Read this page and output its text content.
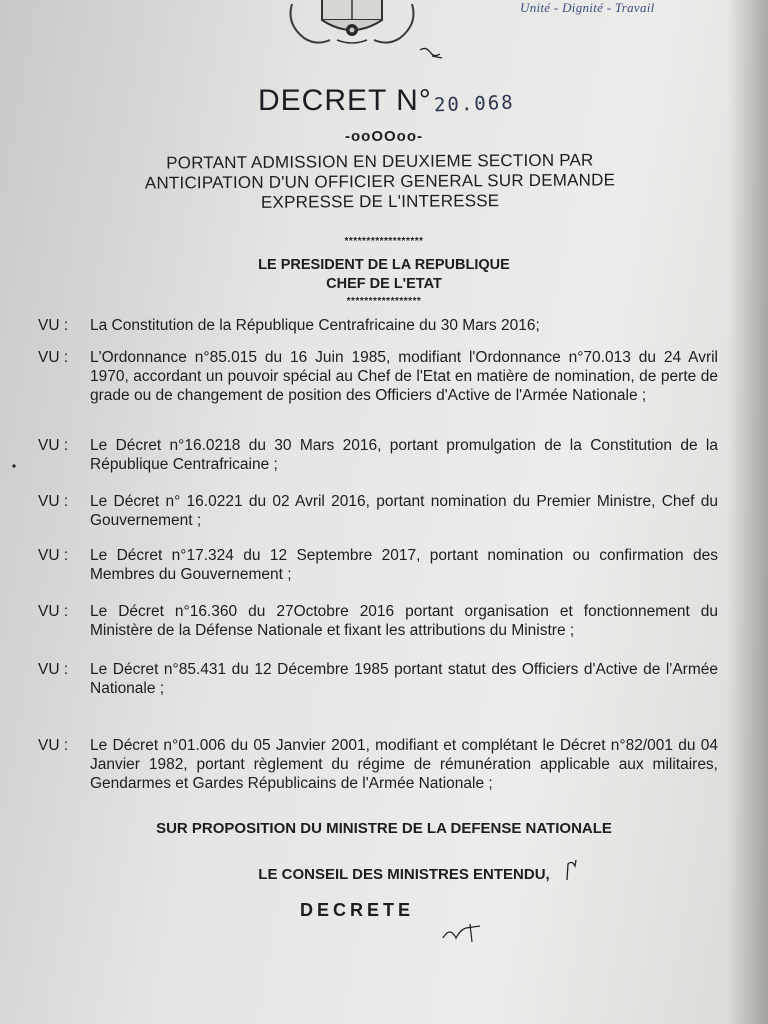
Unité - Dignité - Travail
DECRET N° 20.068
-ooOOoo-
PORTANT ADMISSION EN DEUXIEME SECTION PAR
ANTICIPATION D'UN OFFICIER GENERAL SUR DEMANDE
EXPRESSE DE L'INTERESSE
******************
LE PRESIDENT DE LA REPUBLIQUE
CHEF DE L'ETAT
*****************
VU :	La Constitution de la République Centrafricaine du 30 Mars 2016;
VU :	L'Ordonnance n°85.015 du 16 Juin 1985, modifiant l'Ordonnance n°70.013 du 24 Avril 1970, accordant un pouvoir spécial au Chef de l'Etat en matière de nomination, de perte de grade ou de changement de position des Officiers d'Active de l'Armée Nationale ;
VU :	Le Décret n°16.0218 du 30 Mars 2016, portant promulgation de la Constitution de la République Centrafricaine ;
VU :	Le Décret n° 16.0221 du 02 Avril 2016, portant nomination du Premier Ministre, Chef du Gouvernement ;
VU :	Le Décret n°17.324 du 12 Septembre 2017, portant nomination ou confirmation des Membres du Gouvernement ;
VU :	Le Décret n°16.360 du 27Octobre 2016 portant organisation et fonctionnement du Ministère de la Défense Nationale et fixant les attributions du Ministre ;
VU :	Le Décret n°85.431 du 12 Décembre 1985 portant statut des Officiers d'Active de l'Armée Nationale ;
VU :	Le Décret n°01.006 du 05 Janvier 2001, modifiant et complétant le Décret n°82/001 du 04 Janvier 1982, portant règlement du régime de rémunération applicable aux militaires, Gendarmes et Gardes Républicains de l'Armée Nationale ;
SUR PROPOSITION DU MINISTRE DE LA DEFENSE NATIONALE
LE CONSEIL DES MINISTRES ENTENDU,
DECRETE
